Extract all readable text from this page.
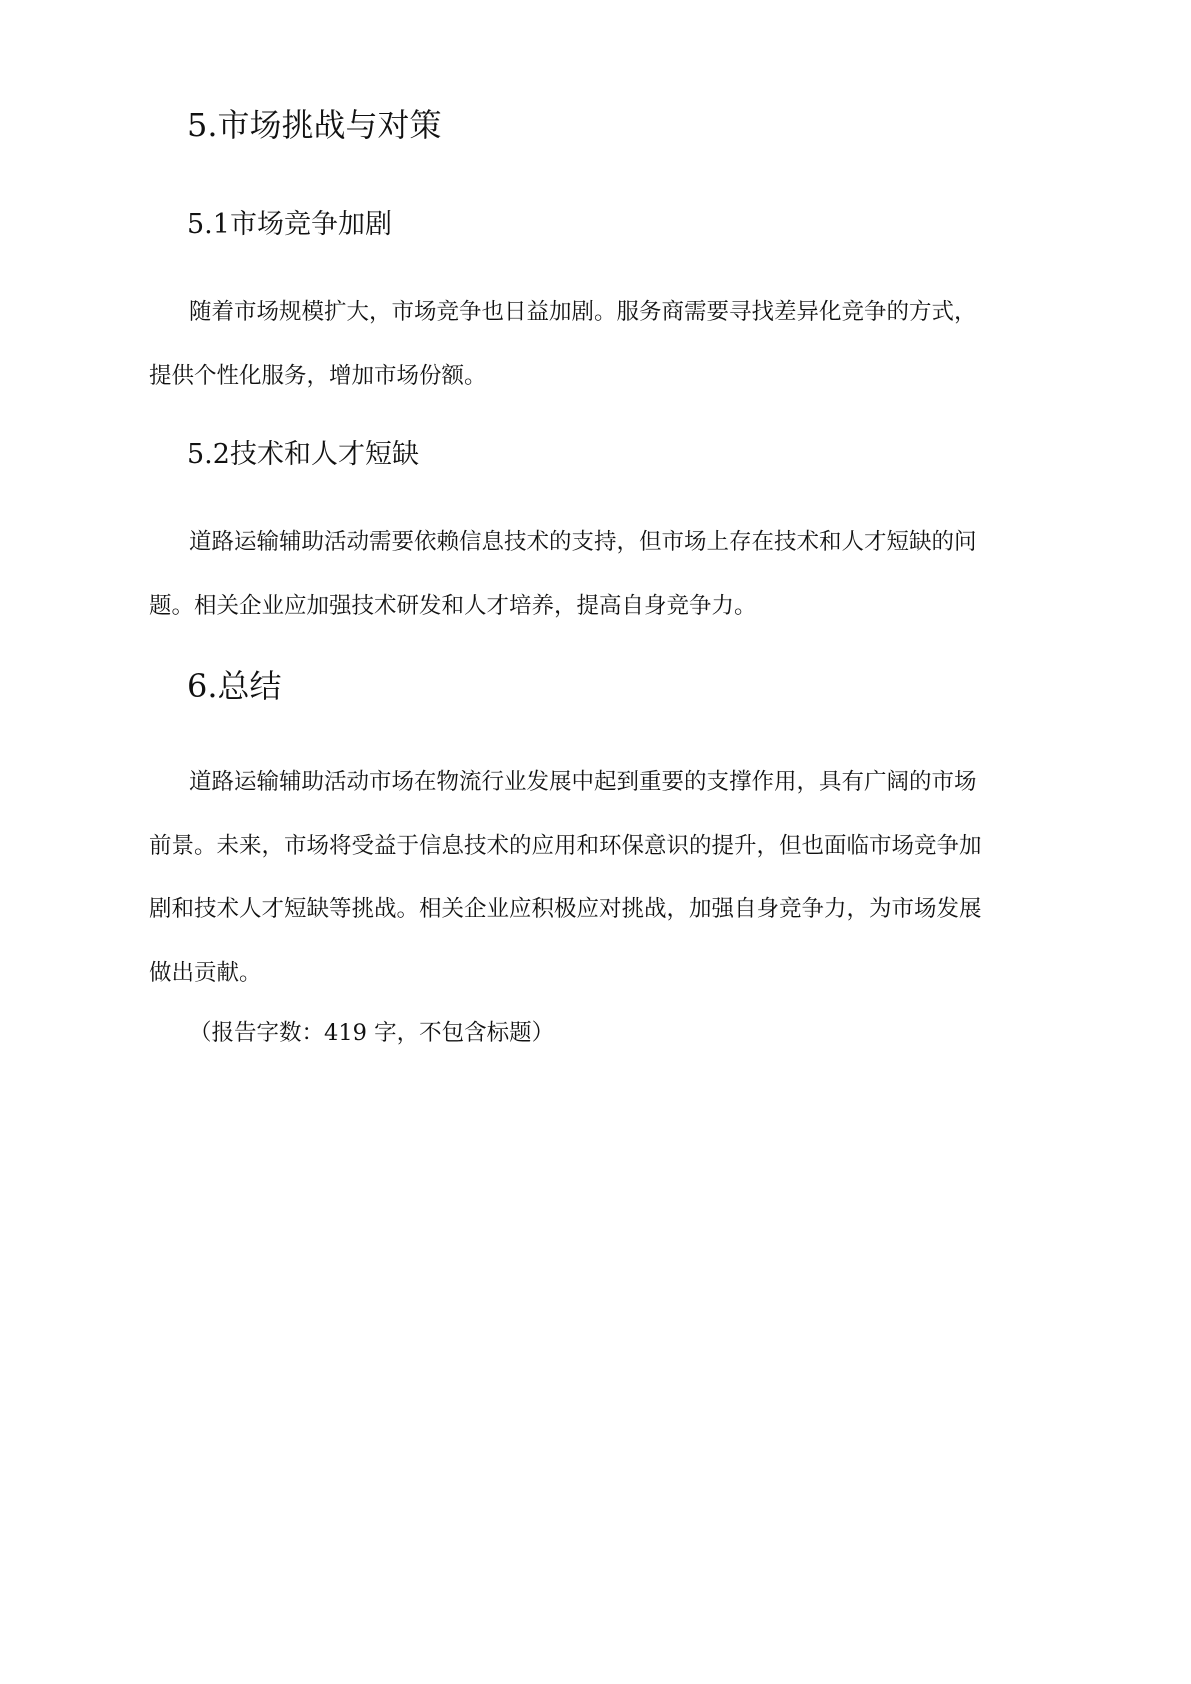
5.市场挑战与对策
5.1市场竞争加剧
随着市场规模扩大，市场竞争也日益加剧。服务商需要寻找差异化竞争的方式，
提供个性化服务，增加市场份额。
5.2技术和人才短缺
道路运输辅助活动需要依赖信息技术的支持，但市场上存在技术和人才短缺的问
题。相关企业应加强技术研发和人才培养，提高自身竞争力。
6.总结
道路运输辅助活动市场在物流行业发展中起到重要的支撑作用，具有广阔的市场
前景。未来，市场将受益于信息技术的应用和环保意识的提升，但也面临市场竞争加
剧和技术人才短缺等挑战。相关企业应积极应对挑战，加强自身竞争力，为市场发展
做出贡献。

（报告字数：419 字，不包含标题）
